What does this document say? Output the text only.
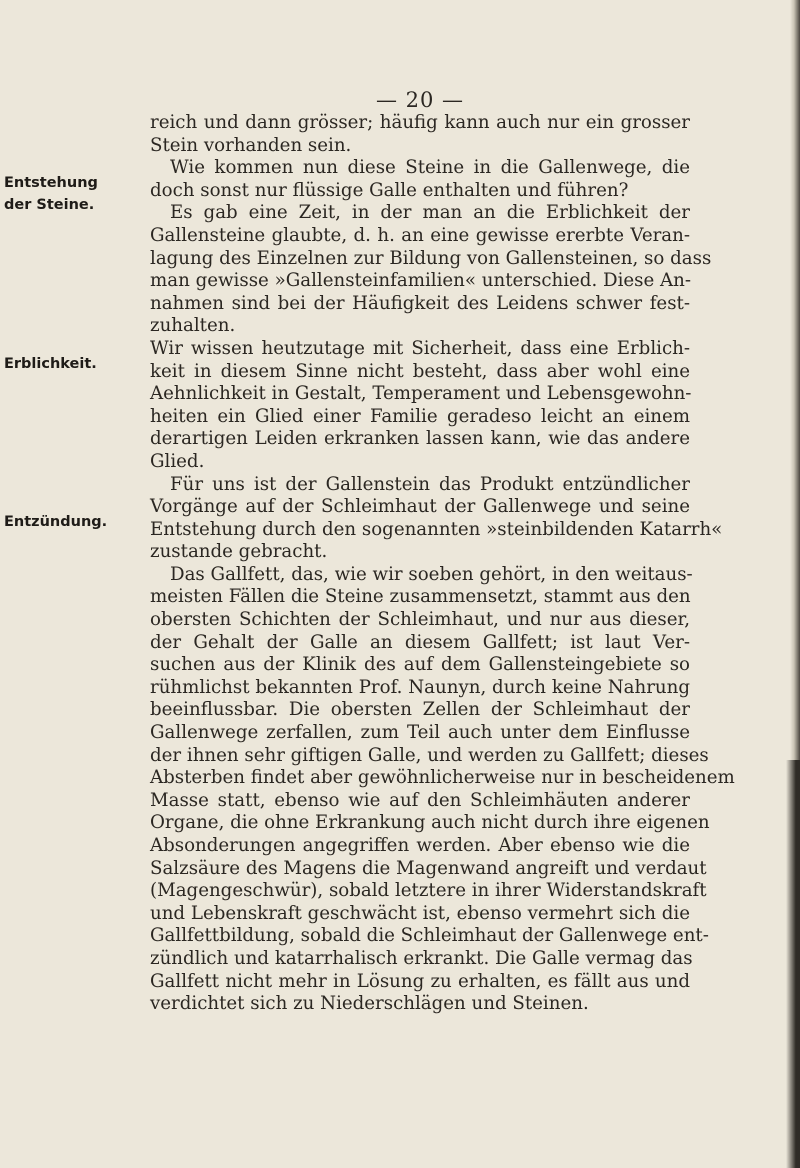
— 20 —
Entstehung
der Steine.
Erblichkeit.
Entzündung.
reich und dann grösser; häufig kann auch nur ein grosser
Stein vorhanden sein.
Wie kommen nun diese Steine in die Gallenwege, die
doch sonst nur flüssige Galle enthalten und führen?
Es gab eine Zeit, in der man an die Erblichkeit der
Gallensteine glaubte, d. h. an eine gewisse ererbte Veran-
lagung des Einzelnen zur Bildung von Gallensteinen, so dass
man gewisse »Gallensteinfamilien« unterschied. Diese An-
nahmen sind bei der Häufigkeit des Leidens schwer fest-
zuhalten.
Wir wissen heutzutage mit Sicherheit, dass eine Erblich-
keit in diesem Sinne nicht besteht, dass aber wohl eine
Aehnlichkeit in Gestalt, Temperament und Lebensgewohn-
heiten ein Glied einer Familie geradeso leicht an einem
derartigen Leiden erkranken lassen kann, wie das andere
Glied.
Für uns ist der Gallenstein das Produkt entzündlicher
Vorgänge auf der Schleimhaut der Gallenwege und seine
Entstehung durch den sogenannten »steinbildenden Katarrh«
zustande gebracht.
Das Gallfett, das, wie wir soeben gehört, in den weitaus-
meisten Fällen die Steine zusammensetzt, stammt aus den
obersten Schichten der Schleimhaut, und nur aus dieser,
der Gehalt der Galle an diesem Gallfett; ist laut Ver-
suchen aus der Klinik des auf dem Gallensteingebiete so
rühmlichst bekannten Prof. Naunyn, durch keine Nahrung
beeinflussbar. Die obersten Zellen der Schleimhaut der
Gallenwege zerfallen, zum Teil auch unter dem Einflusse
der ihnen sehr giftigen Galle, und werden zu Gallfett; dieses
Absterben findet aber gewöhnlicherweise nur in bescheidenem
Masse statt, ebenso wie auf den Schleimhäuten anderer
Organe, die ohne Erkrankung auch nicht durch ihre eigenen
Absonderungen angegriffen werden. Aber ebenso wie die
Salzsäure des Magens die Magenwand angreift und verdaut
(Magengeschwür), sobald letztere in ihrer Widerstandskraft
und Lebenskraft geschwächt ist, ebenso vermehrt sich die
Gallfettbildung, sobald die Schleimhaut der Gallenwege ent-
zündlich und katarrhalisch erkrankt. Die Galle vermag das
Gallfett nicht mehr in Lösung zu erhalten, es fällt aus und
verdichtet sich zu Niederschlägen und Steinen.
